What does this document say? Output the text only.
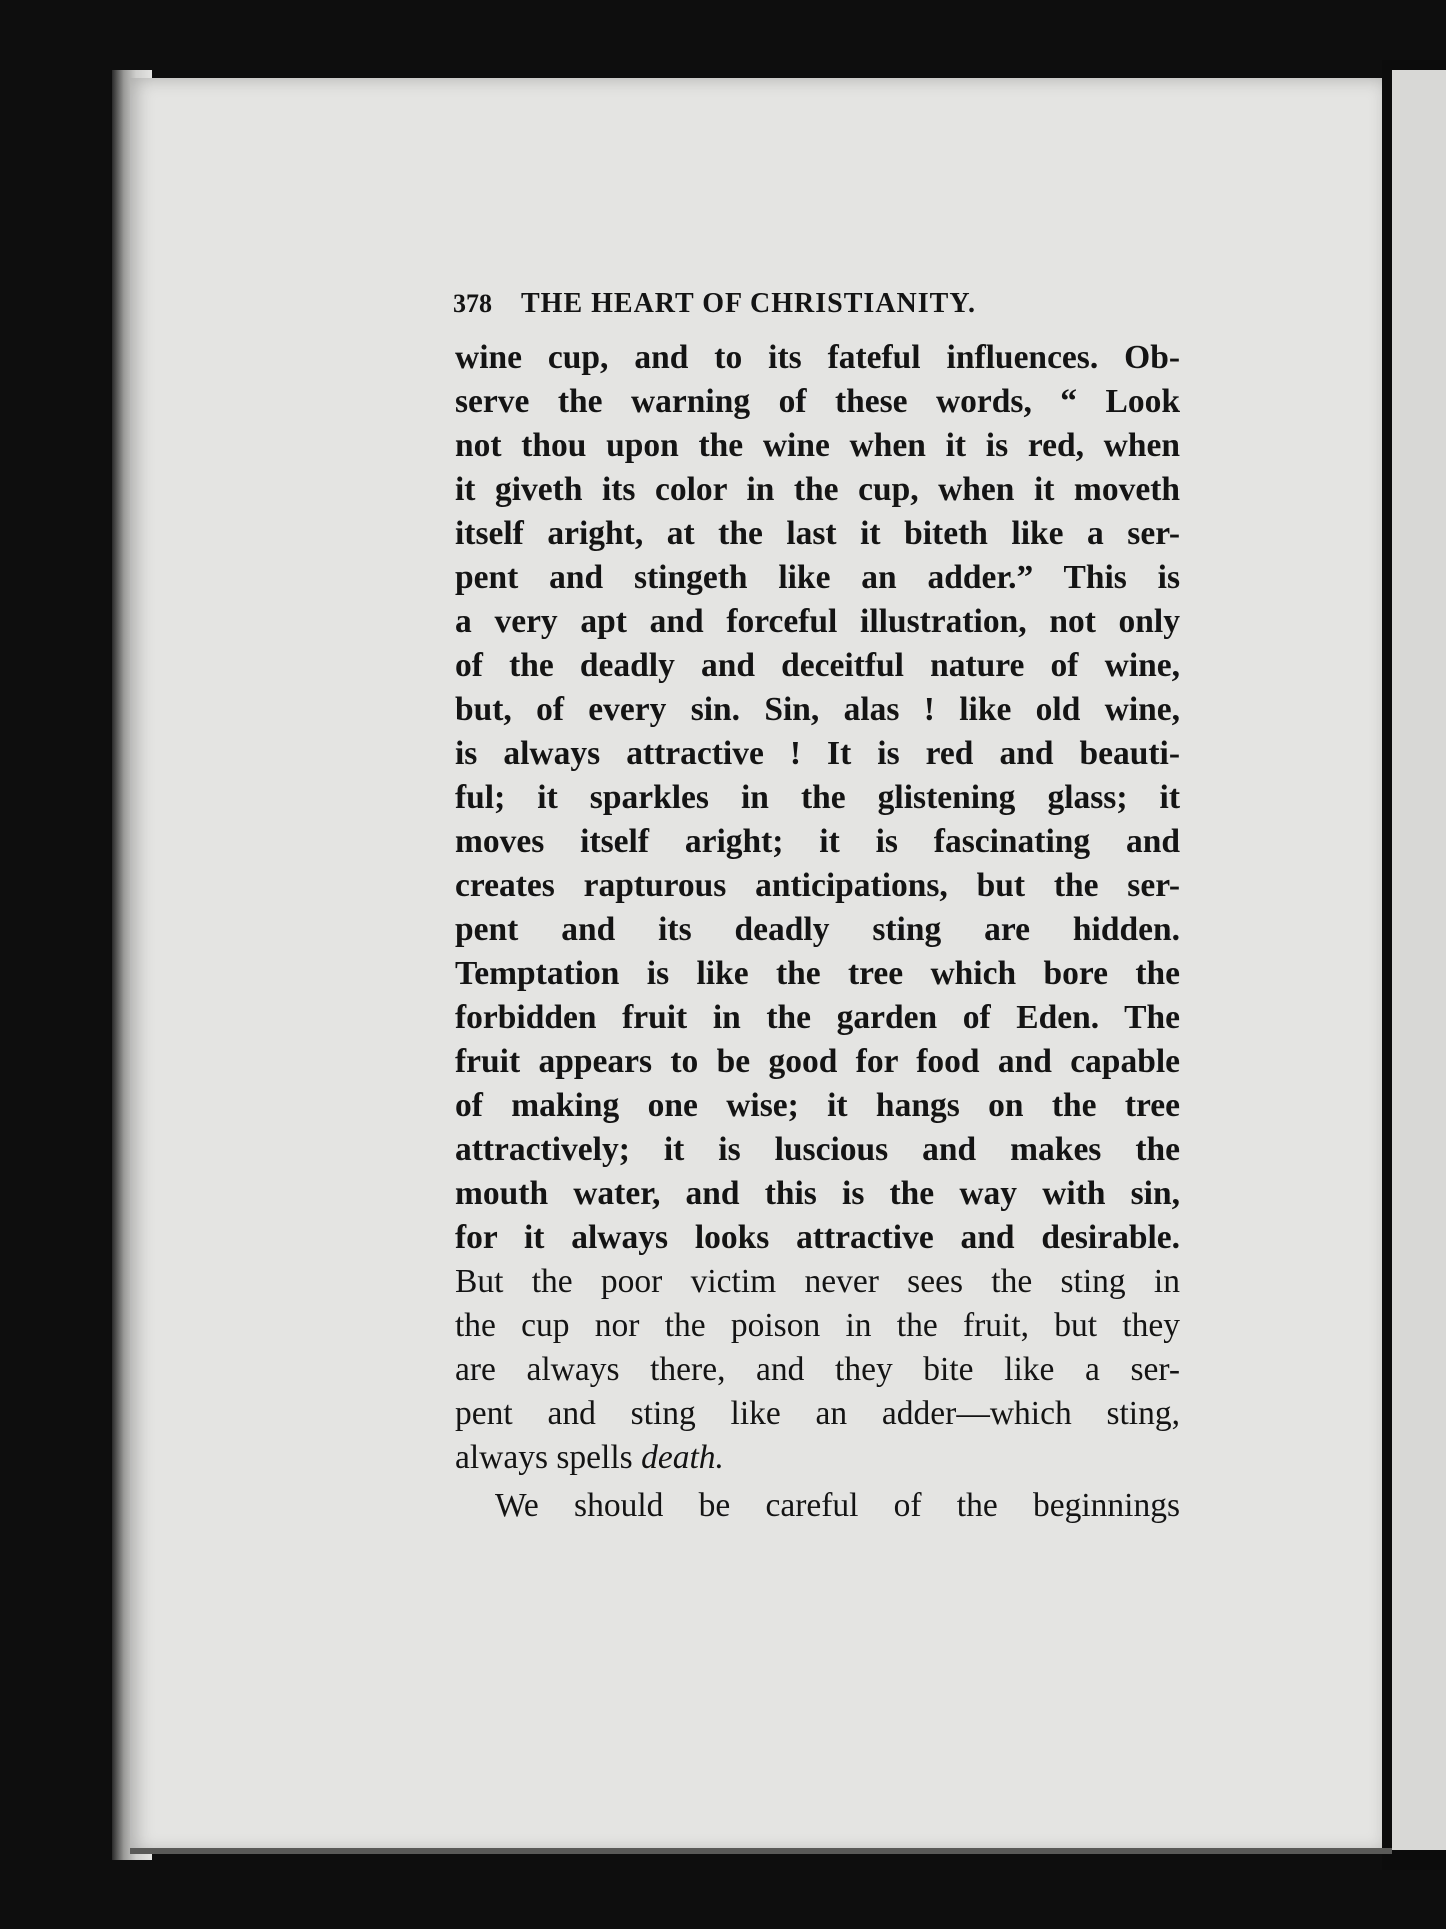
378	THE HEART OF CHRISTIANITY.
wine cup, and to its fateful influences. Ob-
serve the warning of these words, “ Look
not thou upon the wine when it is red, when
it giveth its color in the cup, when it moveth
itself aright, at the last it biteth like a ser-
pent and stingeth like an adder.” This is
a very apt and forceful illustration, not only
of the deadly and deceitful nature of wine,
but, of every sin. Sin, alas ! like old wine,
is always attractive ! It is red and beauti-
ful; it sparkles in the glistening glass; it
moves itself aright; it is fascinating and
creates rapturous anticipations, but the ser-
pent and its deadly sting are hidden.
Temptation is like the tree which bore the
forbidden fruit in the garden of Eden. The
fruit appears to be good for food and capable
of making one wise; it hangs on the tree
attractively; it is luscious and makes the
mouth water, and this is the way with sin,
for it always looks attractive and desirable.
But the poor victim never sees the sting in
the cup nor the poison in the fruit, but they
are always there, and they bite like a ser-
pent and sting like an adder—which sting,
always spells death.
We should be careful of the beginnings
